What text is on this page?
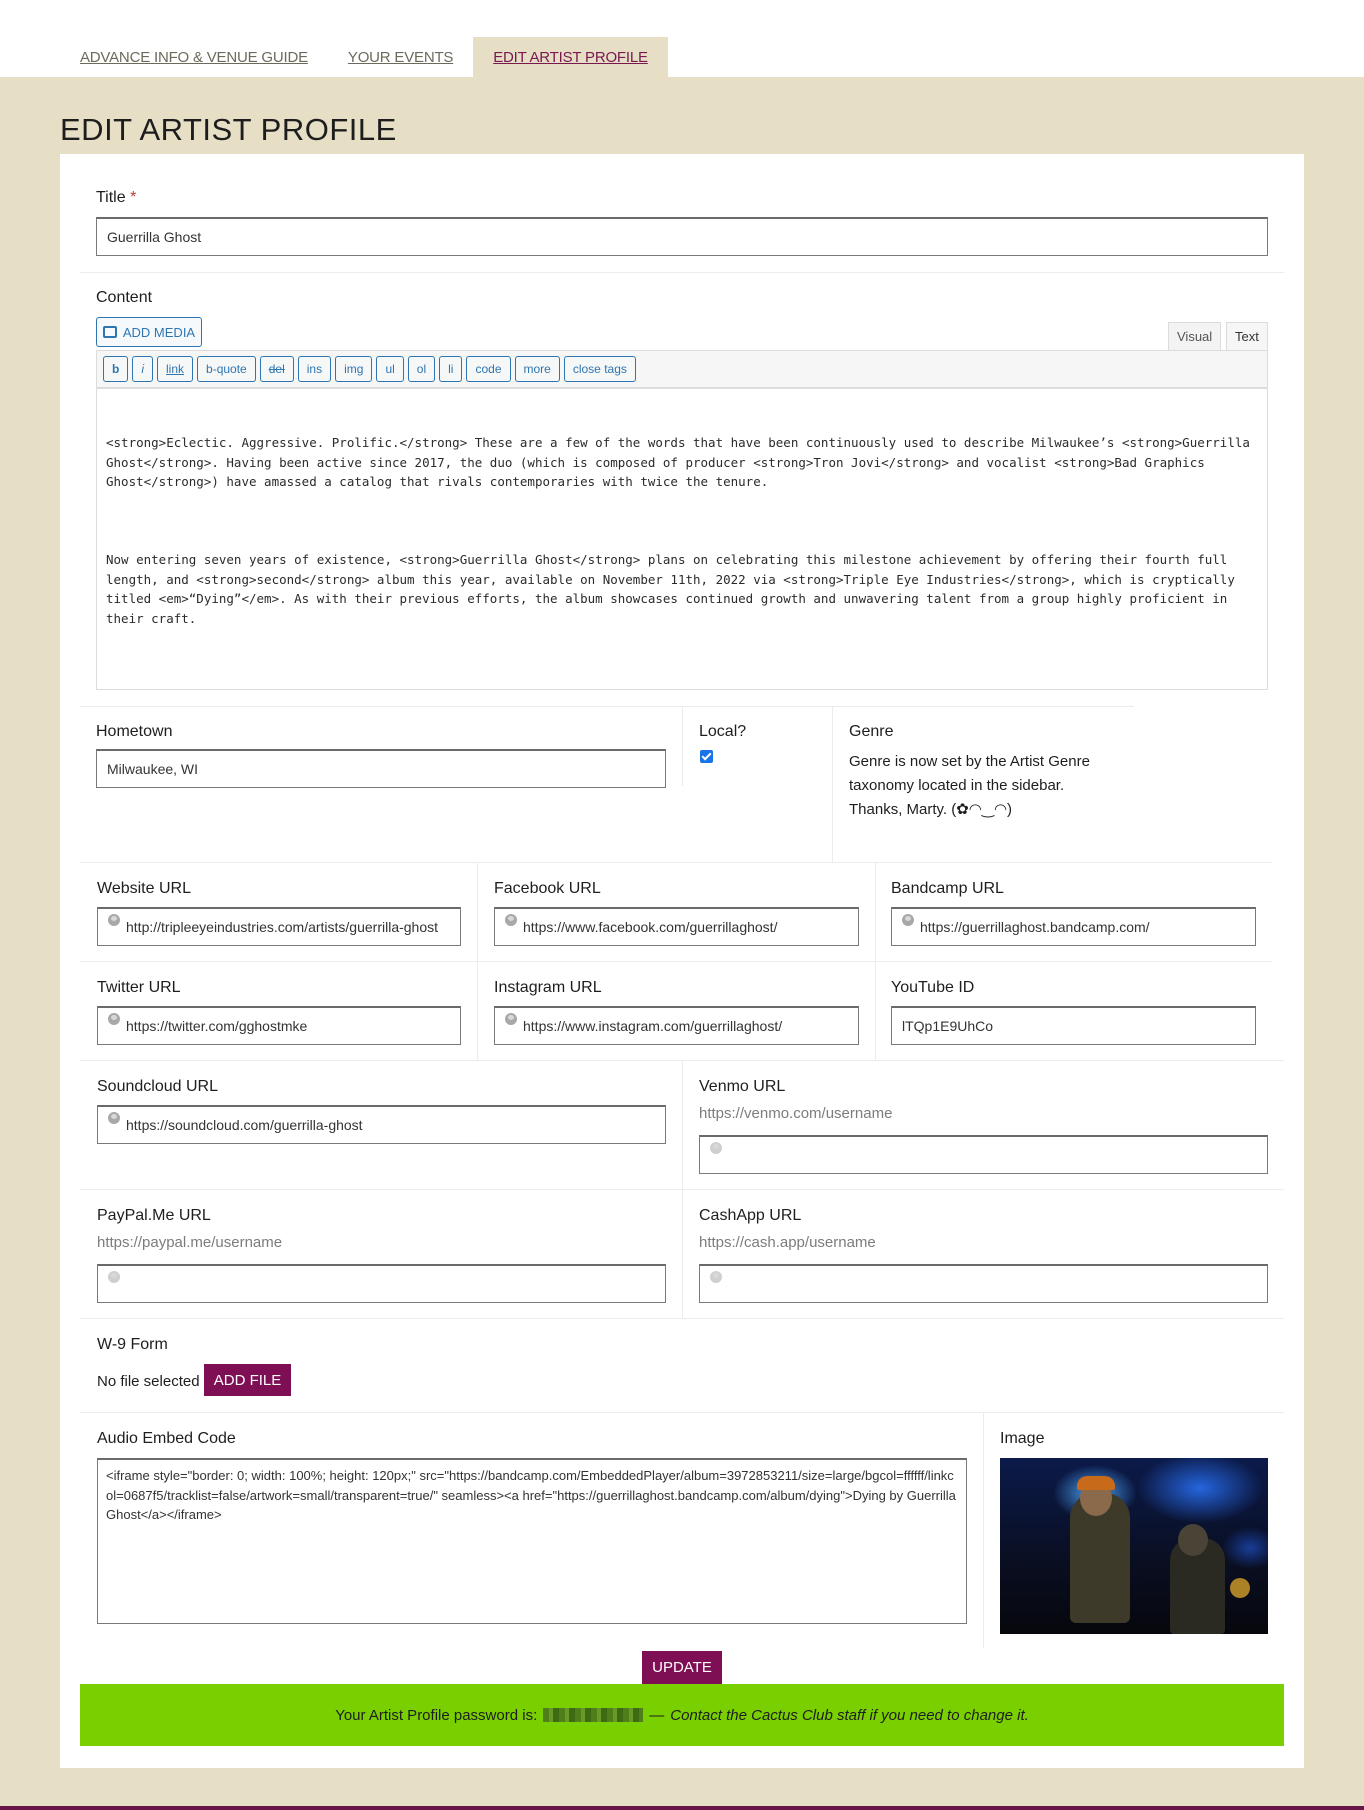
ADVANCE INFO & VENUE GUIDE	YOUR EVENTS	EDIT ARTIST PROFILE
EDIT ARTIST PROFILE
Title *
Guerrilla Ghost
Content
ADD MEDIA	Visual	Text
b	i	link	b-quote	del	ins	img	ul	ol	li	code	more	close tags

<strong>Eclectic. Aggressive. Prolific.</strong> These are a few of the words that have been continuously used to describe Milwaukee’s <strong>Guerrilla Ghost</strong>. Having been active since 2017, the duo (which is composed of producer <strong>Tron Jovi</strong> and vocalist <strong>Bad Graphics Ghost</strong>) have amassed a catalog that rivals contemporaries with twice the tenure.

Now entering seven years of existence, <strong>Guerrilla Ghost</strong> plans on celebrating this milestone achievement by offering their fourth full length, and <strong>second</strong> album this year, available on November 11th, 2022 via <strong>Triple Eye Industries</strong>, which is cryptically titled <em>“Dying”</em>. As with their previous efforts, the album showcases continued growth and unwavering talent from a group highly proficient in their craft.

Hometown
Milwaukee, WI
Local?	Genre
Genre is now set by the Artist Genre taxonomy located in the sidebar. Thanks, Marty. (✿◠‿◠)
Website URL
http://tripleeyeindustries.com/artists/guerrilla-ghost
Facebook URL
https://www.facebook.com/guerrillaghost/
Bandcamp URL
https://guerrillaghost.bandcamp.com/
Twitter URL
https://twitter.com/gghostmke
Instagram URL
https://www.instagram.com/guerrillaghost/
YouTube ID
lTQp1E9UhCo
Soundcloud URL
https://soundcloud.com/guerrilla-ghost
Venmo URL
https://venmo.com/username
PayPal.Me URL
https://paypal.me/username
CashApp URL
https://cash.app/username
W-9 Form
No file selected ADD FILE
Audio Embed Code
<iframe style="border: 0; width: 100%; height: 120px;" src="https://bandcamp.com/EmbeddedPlayer/album=3972853211/size=large/bgcol=ffffff/linkcol=0687f5/tracklist=false/artwork=small/transparent=true/" seamless><a href="https://guerrillaghost.bandcamp.com/album/dying">Dying by Guerrilla Ghost</a></iframe>
Image
UPDATE
Your Artist Profile password is:	— Contact the Cactus Club staff if you need to change it.
